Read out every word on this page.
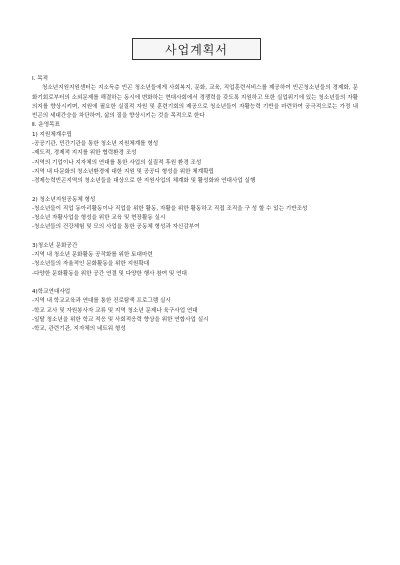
사업계획서

Ⅰ. 목적

청소년지원지원센터는 지소득층 빈곤 청소년들에게 사회복지, 문화, 교육, 직업훈련서비스를 제공하여 빈곤청소년들의 경제화, 문화기회로부터의 소외문제를 해결하는 동시에 변화하는 현대사회에서 경쟁력을 갖도록 지원하고 또한 실업위기에 있는 청소년들의 자활의지를 향상시키며, 지원에 필요한 실질적 자원 및 훈련기회의 제공으로 청소년들이 자활능력 기반을 마련하여 궁극적으로는 가정 내 빈곤의 세대간승을 차단하여, 삶의 질을 향상시키는 것을 목적으로 한다

Ⅱ. 운영목표

1) 지원체계수립

-공공기관, 민간기관을 통한 청소년 지원체계를 형성

-제도적, 경제적 지지를 위한 협력환경 조성

-지역의 기업이나 지자체의 연대를 통한 사업의 실질적 후원 환경 조성

-지역 내 다문화의 청소년환경에 대한 지원 및 공공디 형성을 위한 체계확립

-경제능력빈곤지역의 청소년들을 대상으로 한 지원사업의 체계화 및 활성화와 연대사업 실행

2) 청소년지원공동체 형성

-청소년들이 직업 동아리활동이나 직업을 위한 활동, 자활을 위한 활동하고 직접 조직을 구 성 할 수 있는 기반조성

-청소년 자활사업을 형성을 위한 교육 및 현장활동 실시

-청소년들의 건강체험 및 모의 사업을 통한 공동체 형성과 자신감부여

3)청소년 문화공간

-지역 내 청소년 문화활동 공작화를 위한 토대마련

-청소년들의 자율적인 문화활동을 위한 지원확대

-다양한 문화활동을 위한 공간 연결 및 다양한 행사 참여 및 연대

4)학교연대사업

-지역 내 학교교육과 연대를 통한 진로탐색 프로그램 실시

-학교 교사 및 자원봉사자 교류 및 지역 청소년 문제나 육구사업 연대

-일탈 청소년을 위한 학교 적응 및 사회적응력 향상을 위한 연합사업 실시

-학교, 관련기관, 지자체의 네트워 형성
